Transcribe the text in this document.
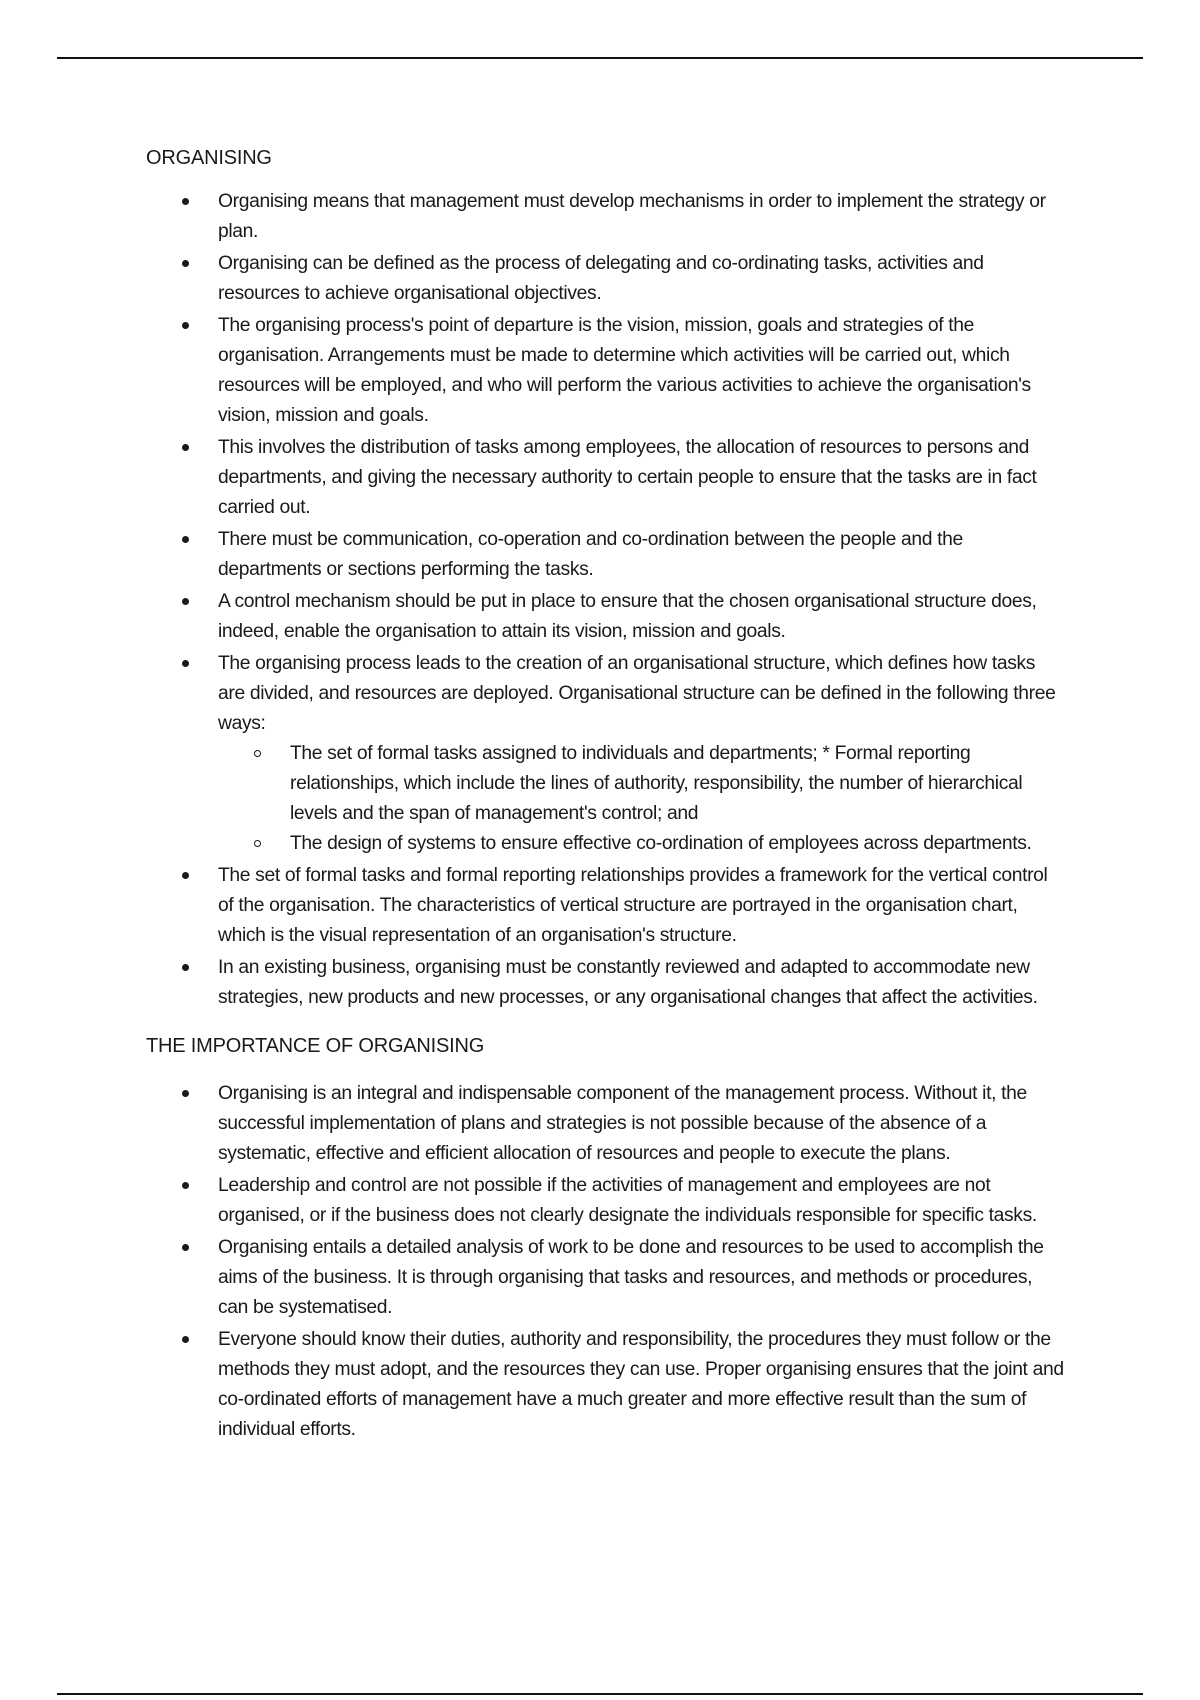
ORGANISING
Organising means that management must develop mechanisms in order to implement the strategy or plan.
Organising can be defined as the process of delegating and co-ordinating tasks, activities and resources to achieve organisational objectives.
The organising process's point of departure is the vision, mission, goals and strategies of the organisation. Arrangements must be made to determine which activities will be carried out, which resources will be employed, and who will perform the various activities to achieve the organisation's vision, mission and goals.
This involves the distribution of tasks among employees, the allocation of resources to persons and departments, and giving the necessary authority to certain people to ensure that the tasks are in fact carried out.
There must be communication, co-operation and co-ordination between the people and the departments or sections performing the tasks.
A control mechanism should be put in place to ensure that the chosen organisational structure does, indeed, enable the organisation to attain its vision, mission and goals.
The organising process leads to the creation of an organisational structure, which defines how tasks are divided, and resources are deployed. Organisational structure can be defined in the following three ways:
The set of formal tasks assigned to individuals and departments; * Formal reporting relationships, which include the lines of authority, responsibility, the number of hierarchical levels and the span of management's control; and
The design of systems to ensure effective co-ordination of employees across departments.
The set of formal tasks and formal reporting relationships provides a framework for the vertical control of the organisation. The characteristics of vertical structure are portrayed in the organisation chart, which is the visual representation of an organisation's structure.
In an existing business, organising must be constantly reviewed and adapted to accommodate new strategies, new products and new processes, or any organisational changes that affect the activities.
THE IMPORTANCE OF ORGANISING
Organising is an integral and indispensable component of the management process. Without it, the successful implementation of plans and strategies is not possible because of the absence of a systematic, effective and efficient allocation of resources and people to execute the plans.
Leadership and control are not possible if the activities of management and employees are not organised, or if the business does not clearly designate the individuals responsible for specific tasks.
Organising entails a detailed analysis of work to be done and resources to be used to accomplish the aims of the business. It is through organising that tasks and resources, and methods or procedures, can be systematised.
Everyone should know their duties, authority and responsibility, the procedures they must follow or the methods they must adopt, and the resources they can use. Proper organising ensures that the joint and co-ordinated efforts of management have a much greater and more effective result than the sum of individual efforts.
